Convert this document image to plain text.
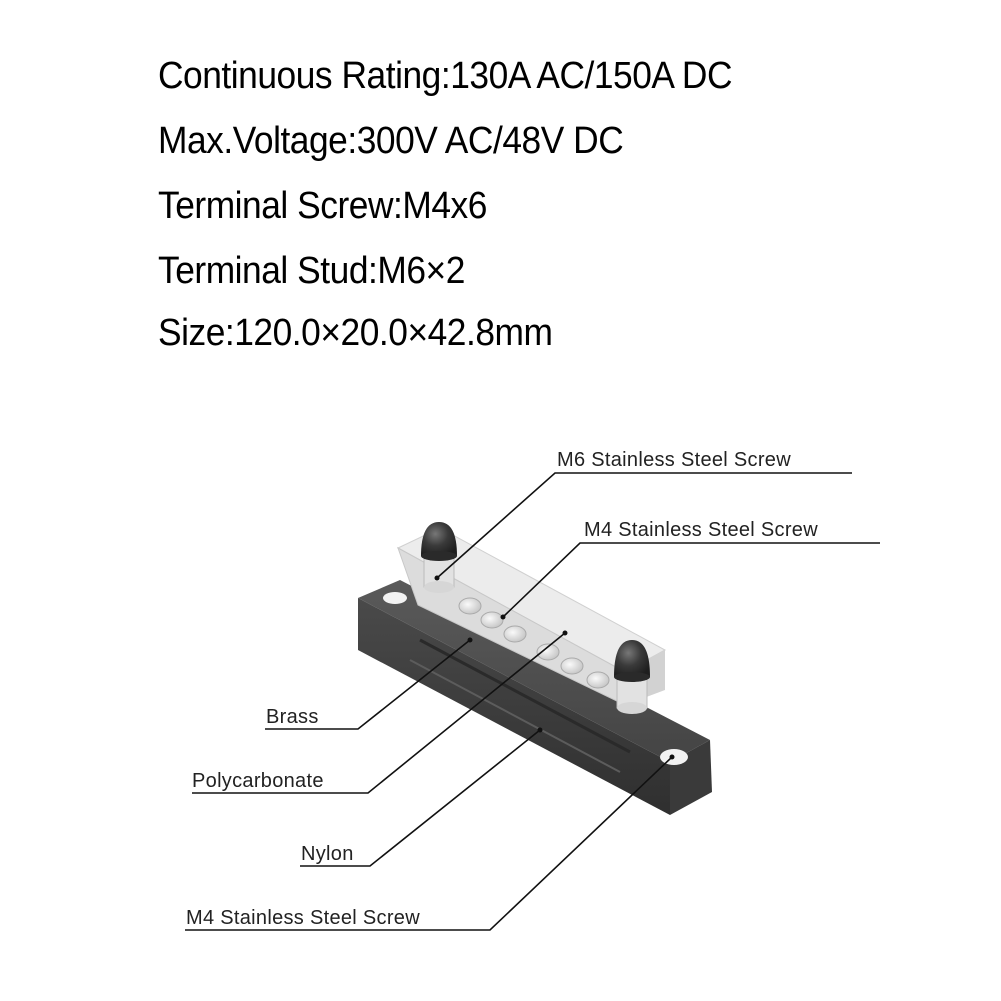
Continuous Rating:130A AC/150A DC
Max.Voltage:300V AC/48V DC
Terminal Screw:M4x6
Terminal Stud:M6×2
Size:120.0×20.0×42.8mm
M6 Stainless Steel Screw
M4 Stainless Steel Screw
Brass
Polycarbonate
Nylon
M4 Stainless Steel Screw
